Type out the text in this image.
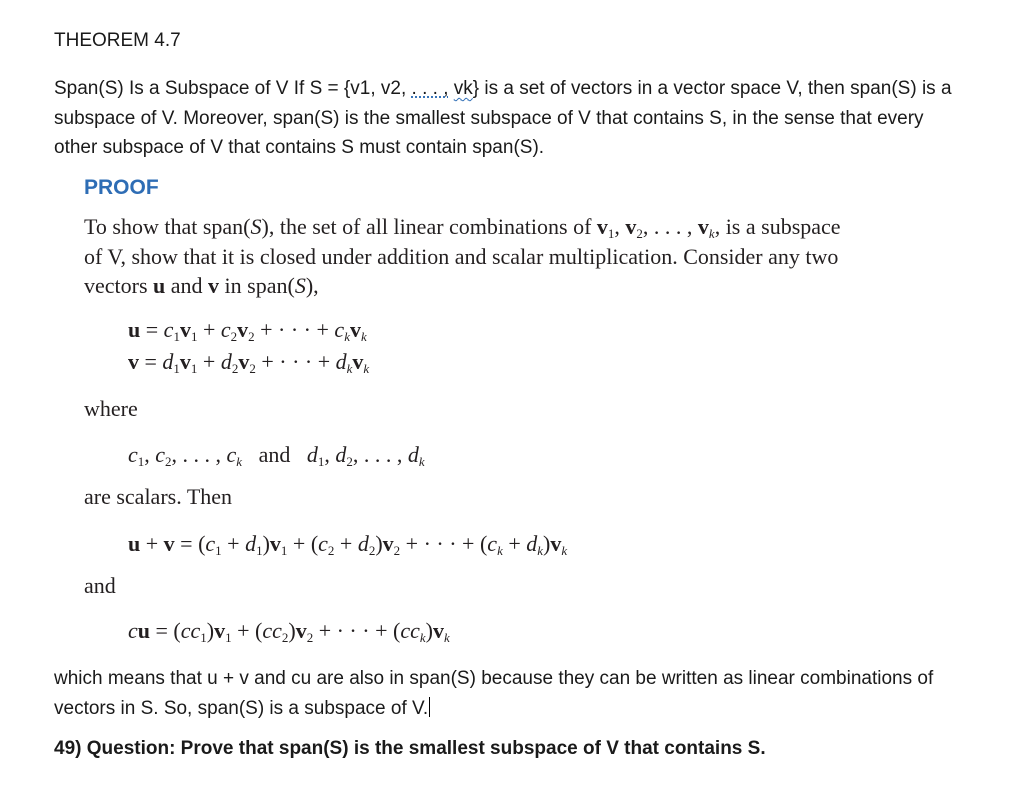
THEOREM 4.7
Span(S) Is a Subspace of V If S = {v1, v2, . . . , vk} is a set of vectors in a vector space V, then span(S) is a
subspace of V. Moreover, span(S) is the smallest subspace of V that contains S, in the sense that every
other subspace of V that contains S must contain span(S).
PROOF
To show that span(S), the set of all linear combinations of $v_1$, $v_2$, . . . , $v_k$, is a subspace
of V, show that it is closed under addition and scalar multiplication. Consider any two
vectors u and v in span(S),
$u = c_1v_1 + c_2v_2$ + · · · + $c_kv_k$
$v = d_1v_1 + d_2v_2$ + · · · + $d_kv_k$
where
$c_1$, $c_2$, . . . , $c_k$ and $d_1$, $d_2$, . . . , $d_k$
are scalars. Then
$u + v = (c_1 + d_1)v_1 + (c_2 + d_2)v_2$ + · · · + $(c_k + d_k)v_k$
and
cu = $(cc_1)v_1 + (cc_2)v_2$ + · · · + $(cc_k)v_k$
which means that u + v and cu are also in span(S) because they can be written as linear combinations of
vectors in S. So, span(S) is a subspace of V.
49) Question: Prove that span(S) is the smallest subspace of V that contains S.
